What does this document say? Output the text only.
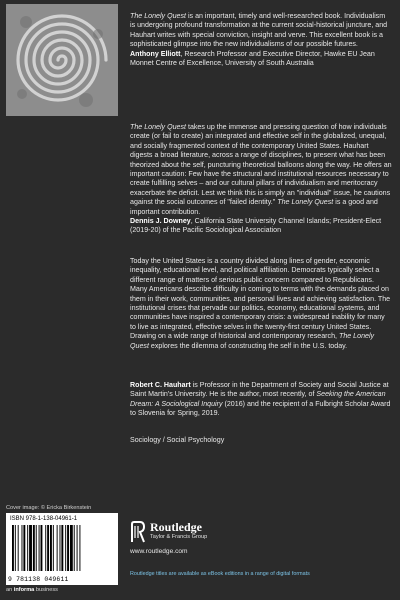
The Lonely Quest is an important, timely and well-researched book. Individualism is undergoing profound transformation at the current social-historical juncture, and Hauhart writes with special conviction, insight and verve. This excellent book is a sophisticated glimpse into the new individualisms of our possible futures.
Anthony Elliott, Research Professor and Executive Director, Hawke EU Jean Monnet Centre of Excellence, University of South Australia

The Lonely Quest takes up the immense and pressing question of how individuals create (or fail to create) an integrated and effective self in the globalized, unequal, and socially fragmented context of the contemporary United States. Hauhart digests a broad literature, across a range of disciplines, to present what has been theorized about the self, puncturing theoretical balloons along the way. He offers an important caution: Few have the structural and institutional resources necessary to create fulfilling selves – and our cultural pillars of individualism and meritocracy exacerbate the deficit. Lest we think this is simply an "individual" issue, he cautions against the social outcomes of "failed identity." The Lonely Quest is a good and important contribution.
Dennis J. Downey, California State University Channel Islands; President-Elect (2019-20) of the Pacific Sociological Association

Today the United States is a country divided along lines of gender, economic inequality, educational level, and political affiliation. Democrats typically select a different range of matters of serious public concern compared to Republicans. Many Americans describe difficulty in coming to terms with the demands placed on them in their work, communities, and personal lives and achieving satisfaction. The institutional crises that pervade our politics, economy, educational systems, and communities have inspired a contemporary crisis: a widespread inability for many to live as integrated, effective selves in the twenty-first century United States. Drawing on a wide range of historical and contemporary research, The Lonely Quest explores the dilemma of constructing the self in the U.S. today.

Robert C. Hauhart is Professor in the Department of Society and Social Justice at Saint Martin's University. He is the author, most recently, of Seeking the American Dream: A Sociological Inquiry (2016) and the recipient of a Fulbright Scholar Award to Slovenia for Spring, 2019.

Sociology / Social Psychology
Cover image: © Ericka Birkenstein
ISBN 978-1-138-04961-1
9 781138 049611
an informa business
Routledge
Taylor & Francis Group
www.routledge.com
Routledge titles are available as eBook editions in a range of digital formats
